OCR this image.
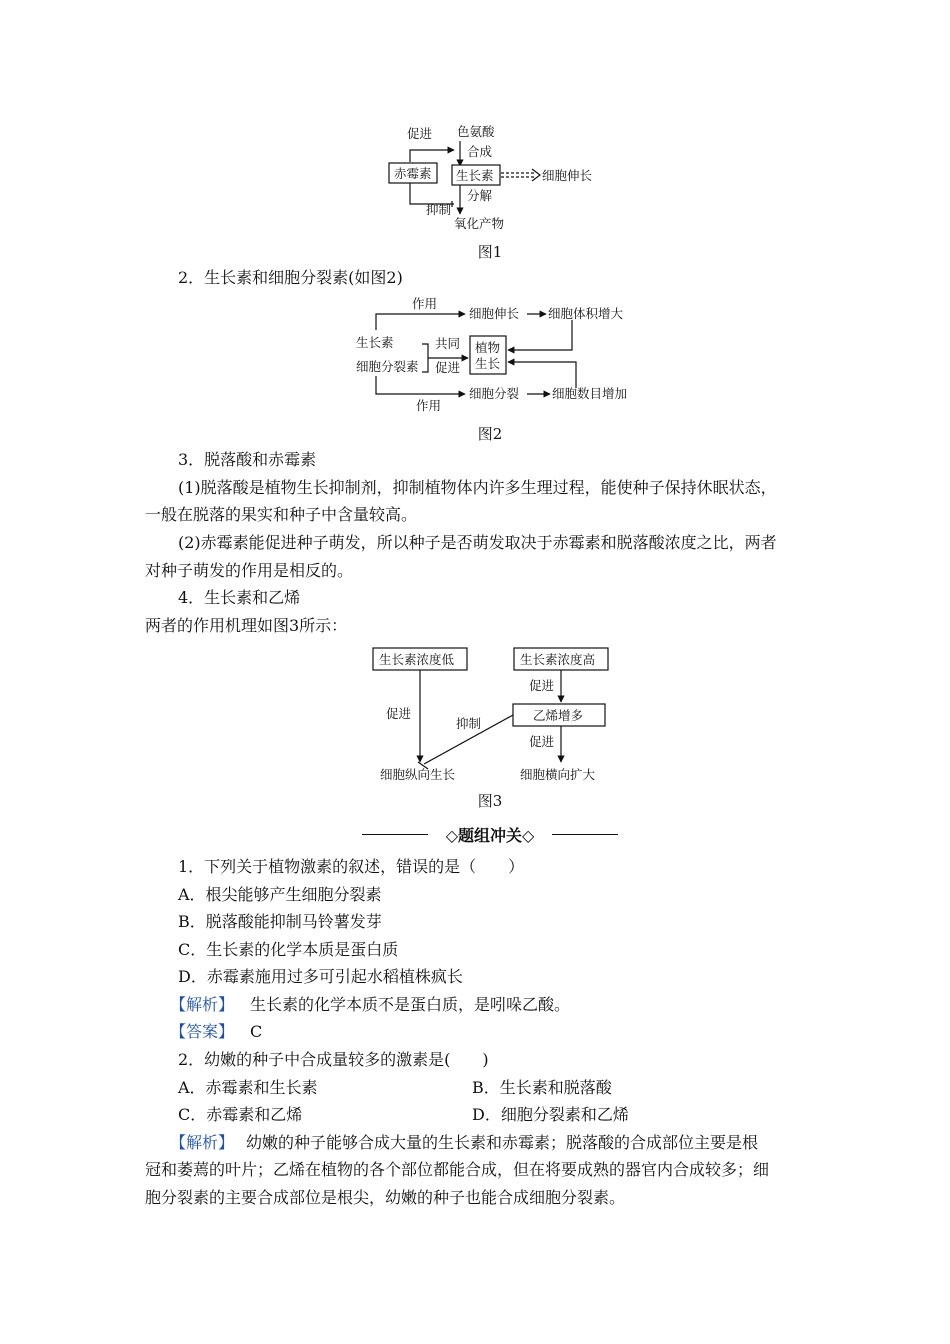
色氨酸
促进
合成
赤霉素 生长素	细胞伸长
分解
抑制
氧化产物
图1
2．生长素和细胞分裂素(如图2)
作用
细胞伸长 细胞体积增大
生长素
细胞分裂素
共同
促进
植物
生长
细胞分裂	细胞数目增加
作用
图2
3．脱落酸和赤霉素
(1)脱落酸是植物生长抑制剂，抑制植物体内许多生理过程，能使种子保持休眠状态，
一般在脱落的果实和种子中含量较高。
(2)赤霉素能促进种子萌发，所以种子是否萌发取决于赤霉素和脱落酸浓度之比，两者
对种子萌发的作用是相反的。
4．生长素和乙烯
两者的作用机理如图3所示：
生长素浓度低	生长素浓度高
促进
乙烯增多
促进
抑制
促进
细胞纵向生长	细胞横向扩大
图3
◇题组冲关◇
1．下列关于植物激素的叙述，错误的是（　　）
A．根尖能够产生细胞分裂素
B．脱落酸能抑制马铃薯发芽
C．生长素的化学本质是蛋白质
D．赤霉素施用过多可引起水稻植株疯长
【解析】 生长素的化学本质不是蛋白质，是吲哚乙酸。
【答案】 C
2．幼嫩的种子中合成量较多的激素是(　　)
A．赤霉素和生长素	B．生长素和脱落酸
C．赤霉素和乙烯	D．细胞分裂素和乙烯
【解析】 幼嫩的种子能够合成大量的生长素和赤霉素；脱落酸的合成部位主要是根
冠和萎蔫的叶片；乙烯在植物的各个部位都能合成，但在将要成熟的器官内合成较多；细
胞分裂素的主要合成部位是根尖，幼嫩的种子也能合成细胞分裂素。
